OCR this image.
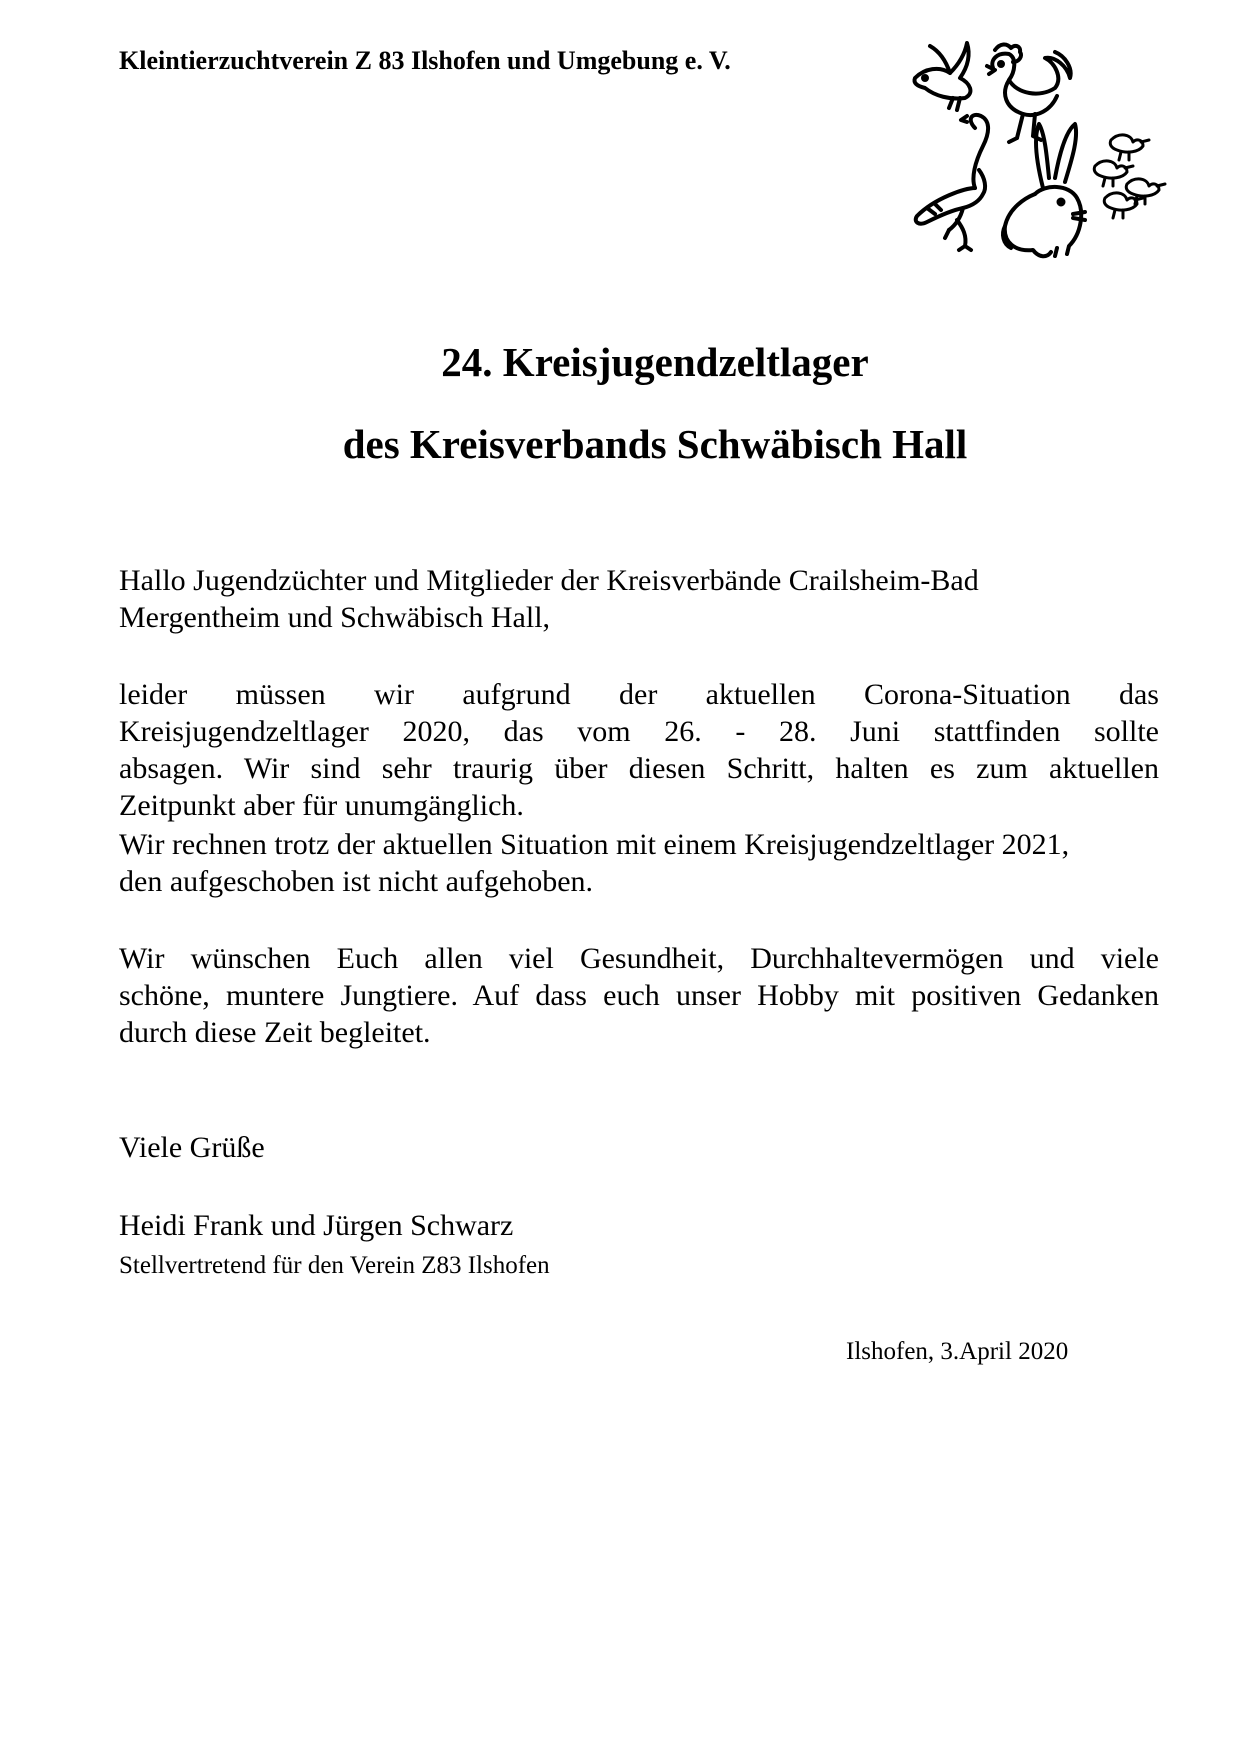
Kleintierzuchtverein Z 83 Ilshofen und Umgebung e. V.
24. Kreisjugendzeltlager
des Kreisverbands Schwäbisch Hall
Hallo Jugendzüchter und Mitglieder der Kreisverbände Crailsheim-Bad
Mergentheim und Schwäbisch Hall,
leider müssen wir aufgrund der aktuellen Corona-Situation das
Kreisjugendzeltlager 2020, das vom 26. - 28. Juni stattfinden sollte
absagen. Wir sind sehr traurig über diesen Schritt, halten es zum aktuellen
Zeitpunkt aber für unumgänglich.
Wir rechnen trotz der aktuellen Situation mit einem Kreisjugendzeltlager 2021,
den aufgeschoben ist nicht aufgehoben.
Wir wünschen Euch allen viel Gesundheit, Durchhaltevermögen und viele
schöne, muntere Jungtiere. Auf dass euch unser Hobby mit positiven Gedanken
durch diese Zeit begleitet.
Viele Grüße
Heidi Frank und Jürgen Schwarz
Stellvertretend für den Verein Z83 Ilshofen
Ilshofen, 3.April 2020
